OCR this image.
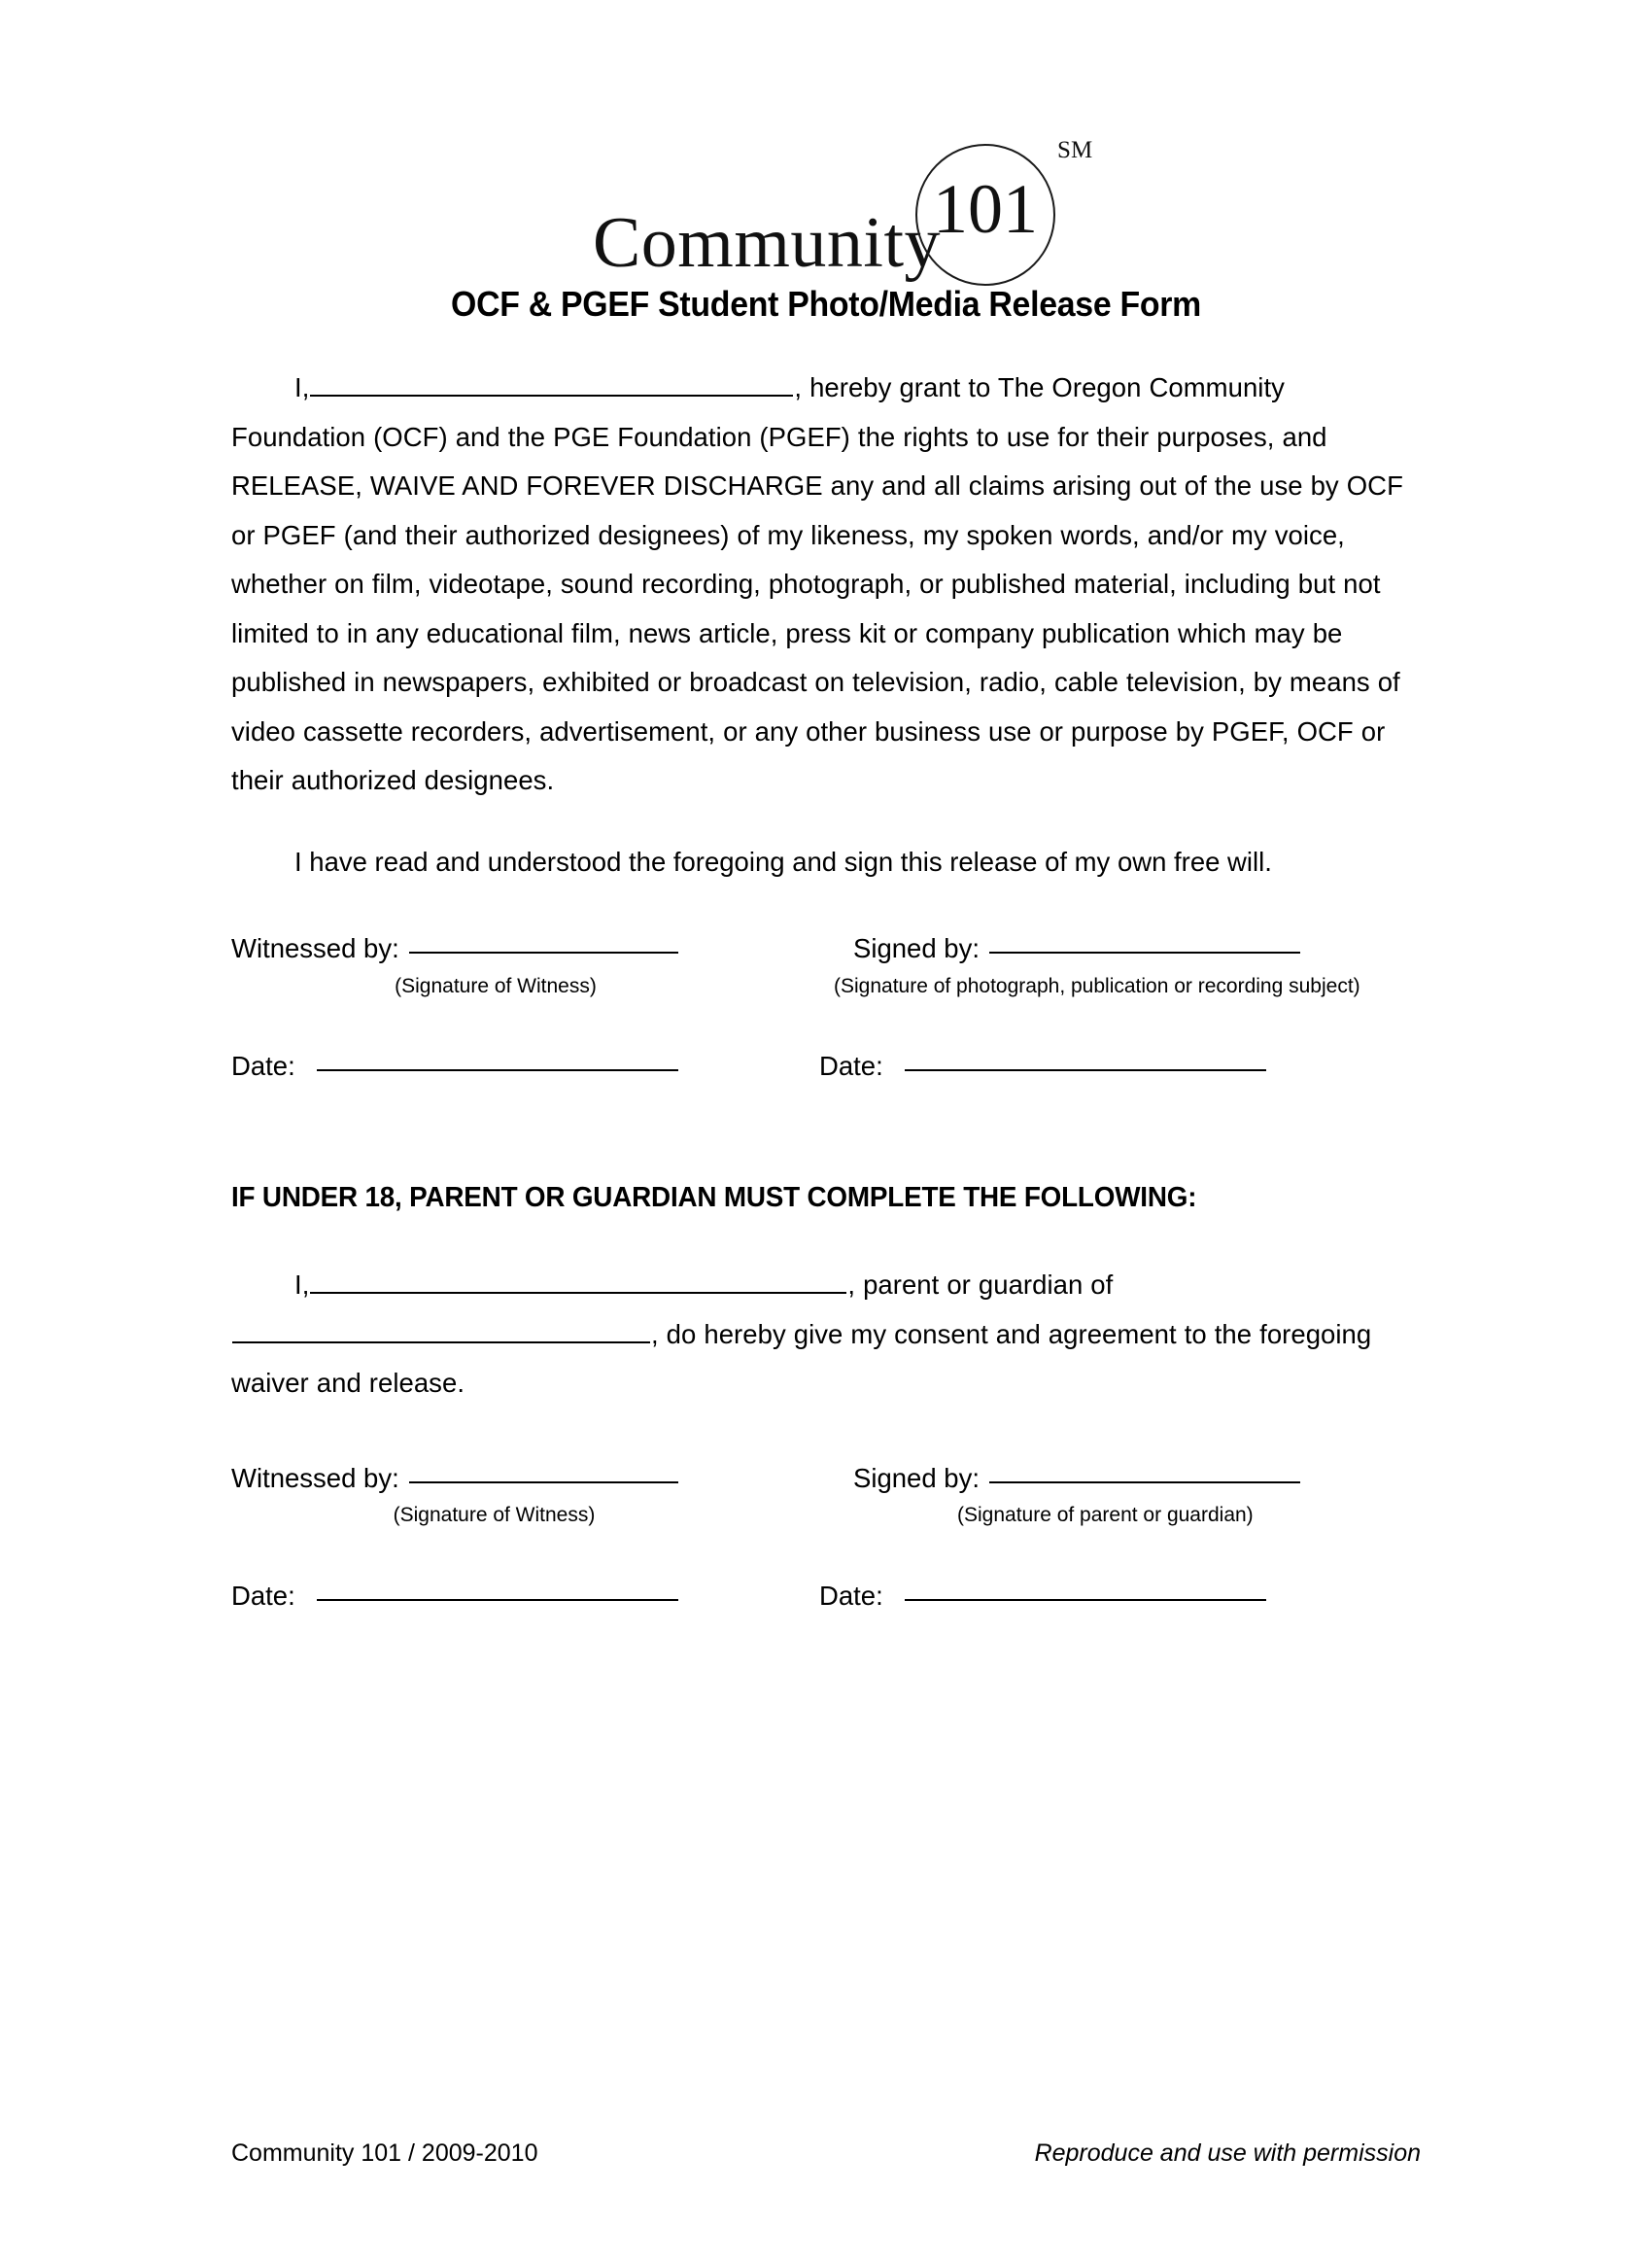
Community
101
SM
OCF & PGEF Student Photo/Media Release Form
I,	, hereby grant to The Oregon Community Foundation (OCF) and the PGE Foundation (PGEF) the rights to use for their purposes, and RELEASE, WAIVE AND FOREVER DISCHARGE any and all claims arising out of the use by OCF or PGEF (and their authorized designees) of my likeness, my spoken words, and/or my voice, whether on film, videotape, sound recording, photograph, or published material, including but not limited to in any educational film, news article, press kit or company publication which may be published in newspapers, exhibited or broadcast on television, radio, cable television, by means of video cassette recorders, advertisement, or any other business use or purpose by PGEF, OCF or their authorized designees.
I have read and understood the foregoing and sign this release of my own free will.
Witnessed by:	Signed by:
(Signature of Witness)	(Signature of photograph, publication or recording subject)
Date:	Date:
IF UNDER 18, PARENT OR GUARDIAN MUST COMPLETE THE FOLLOWING:
I,	, parent or guardian of
, do hereby give my consent and agreement to the foregoing waiver and release.
Witnessed by:	Signed by:
(Signature of Witness)	(Signature of parent or guardian)
Date:	Date:
Community 101 / 2009-2010	Reproduce and use with permission
